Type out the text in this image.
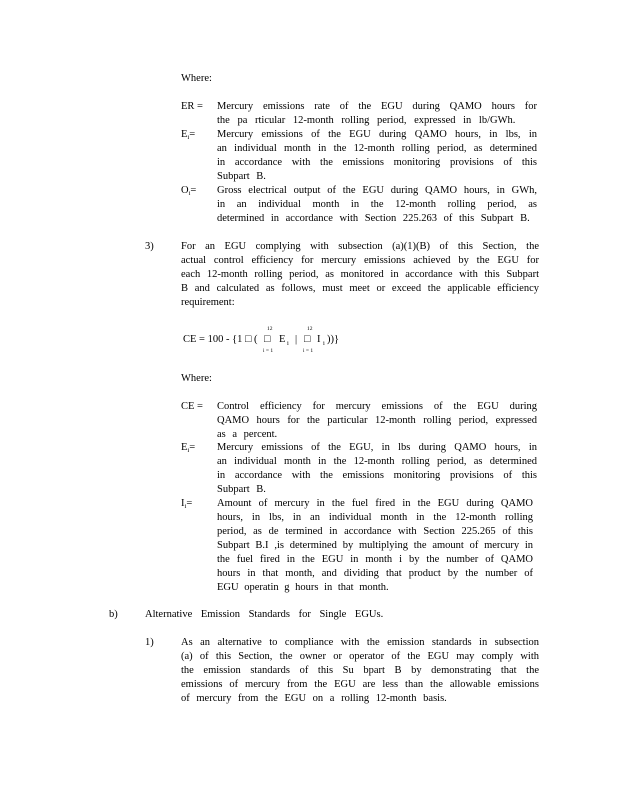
Where:
ER =	Mercury emissions rate of the EGU during QAMO hours for the pa rticular 12-month rolling period, expressed in lb/GWh.
$E_i=$	Mercury emissions of the EGU during QAMO hours, in lbs, in an individual month in the 12-month rolling period, as determined in accordance with the emissions monitoring provisions of this Subpart B.
$O_i=$	Gross electrical output of the EGU during QAMO hours, in GWh, in an individual month in the 12-month rolling period, as determined in accordance with Section 225.263 of this Subpart B.
3)	For an EGU complying with subsection (a)(1)(B) of this Section, the actual control efficiency for mercury emissions achieved by the EGU for each 12-month rolling period, as monitored in accordance with this Subpart B and calculated as follows, must meet or exceed the applicable efficiency requirement:
CE = 100 - {1 □ (
12
□
i = 1
E i |
12
□
i = 1
I i ))}
Where:
CE =	Control efficiency for mercury emissions of the EGU during QAMO hours for the particular 12-month rolling period, expressed as a percent.
$E_i=$	Mercury emissions of the EGU, in lbs during QAMO hours, in an individual month in the 12-month rolling period, as determined in accordance with the emissions monitoring provisions of this Subpart B.
$I_i=$	Amount of mercury in the fuel fired in the EGU during QAMO hours, in lbs, in an individual month in the 12-month rolling period, as de termined in accordance with Section 225.265 of this Subpart B.I ,is determined by multiplying the amount of mercury in the fuel fired in the EGU in month i by the number of QAMO hours in that month, and dividing that product by the number of EGU operatin g hours in that month.
b)	Alternative Emission Standards for Single EGUs.
1)	As an alternative to compliance with the emission standards in subsection (a) of this Section, the owner or operator of the EGU may comply with the emission standards of this Su bpart B by demonstrating that the emissions of mercury from the EGU are less than the allowable emissions of mercury from the EGU on a rolling 12-month basis.
